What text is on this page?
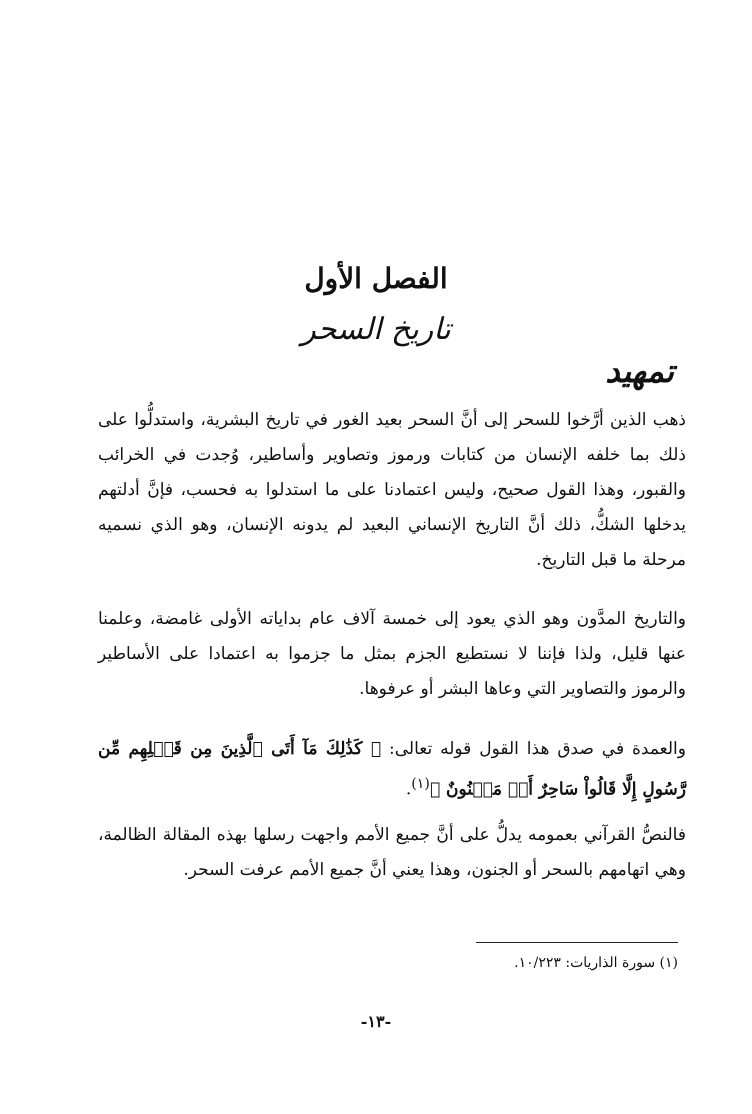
الفصل الأول
تاريخ السحر
تمهيد
ذهب الذين أرَّخوا للسحر إلى أنَّ السحر بعيد الغور في تاريخ البشرية، واستدلُّوا على ذلك بما خلفه الإنسان من كتابات ورموز وتصاوير وأساطير، وُجدت في الخرائب والقبور، وهذا القول صحيح، وليس اعتمادنا على ما استدلوا به فحسب، فإنَّ أدلتهم يدخلها الشكُّ، ذلك أنَّ التاريخ الإنساني البعيد لم يدونه الإنسان، وهو الذي نسميه مرحلة ما قبل التاريخ.
والتاريخ المدَّون وهو الذي يعود إلى خمسة آلاف عام بداياته الأولى غامضة، وعلمنا عنها قليل، ولذا فإننا لا نستطيع الجزم بمثل ما جزموا به اعتمادا على الأساطير والرموز والتصاوير التي وعاها البشر أو عرفوها.
والعمدة في صدق هذا القول قوله تعالى: ﴿ كَذَٰلِكَ مَآ أَتَى ٱلَّذِينَ مِن قَبۡلِهِم مِّن رَّسُولٍ إِلَّا قَالُواْ سَاحِرٌ أَوۡ مَجۡنُونٌ ﴾$^{(١)}$.
فالنصُّ القرآني بعمومه يدلُّ على أنَّ جميع الأمم واجهت رسلها بهذه المقالة الظالمة، وهي اتهامهم بالسحر أو الجنون، وهذا يعني أنَّ جميع الأمم عرفت السحر.
(١) سورة الذاريات: ١٠/٢٢٣.
-١٣-
